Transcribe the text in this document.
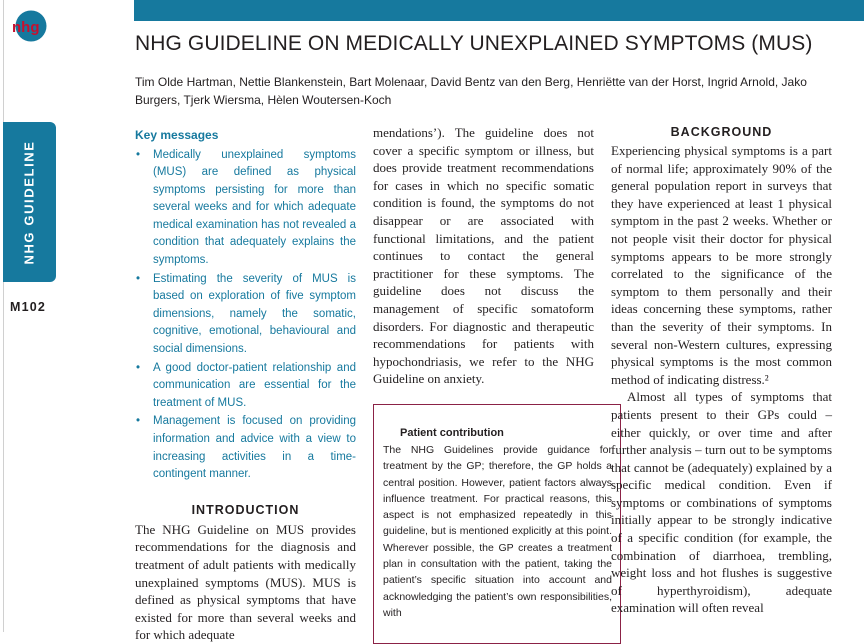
nhg
NHG GUIDELINE
M102
NHG GUIDELINE ON MEDICALLY UNEXPLAINED SYMPTOMS (MUS)
Tim Olde Hartman, Nettie Blankenstein, Bart Molenaar, David Bentz van den Berg, Henriëtte van der Horst, Ingrid Arnold, Jako Burgers, Tjerk Wiersma, Hèlen Woutersen-Koch
Key messages
• Medically unexplained symptoms (MUS) are defined as physical symptoms persisting for more than several weeks and for which adequate medical examination has not revealed a condition that adequately explains the symptoms.
• Estimating the severity of MUS is based on exploration of five symptom dimensions, namely the somatic, cognitive, emotional, behavioural and social dimensions.
• A good doctor-patient relationship and communication are essential for the treatment of MUS.
• Management is focused on providing information and advice with a view to increasing activities in a time-contingent manner.
INTRODUCTION

The NHG Guideline on MUS provides recommendations for the diagnosis and treatment of adult patients with medically unexplained symptoms (MUS). MUS is defined as physical symptoms that have existed for more than several weeks and for which adequate

mendations’). The guideline does not cover a specific symptom or illness, but does provide treatment recommendations for cases in which no specific somatic condition is found, the symptoms do not disappear or are associated with functional limitations, and the patient continues to contact the general practitioner for these symptoms. The guideline does not discuss the management of specific somatoform disorders. For diagnostic and therapeutic recommendations for patients with hypochondriasis, we refer to the NHG Guideline on anxiety.

Patient contribution

The NHG Guidelines provide guidance for treatment by the GP; therefore, the GP holds a central position. However, patient factors always influence treatment. For practical reasons, this aspect is not emphasized repeatedly in this guideline, but is mentioned explicitly at this point. Wherever possible, the GP creates a treatment plan in consultation with the patient, taking the patient’s specific situation into account and acknowledging the patient’s own responsibilities, with

BACKGROUND

Experiencing physical symptoms is a part of normal life; approximately 90% of the general population report in surveys that they have experienced at least 1 physical symptom in the past 2 weeks. Whether or not people visit their doctor for physical symptoms appears to be more strongly correlated to the significance of the symptom to them personally and their ideas concerning these symptoms, rather than the severity of their symptoms. In several non-Western cultures, expressing physical symptoms is the most common method of indicating distress.²

Almost all types of symptoms that patients present to their GPs could – either quickly, or over time and after further analysis – turn out to be symptoms that cannot be (adequately) explained by a specific medical condition. Even if symptoms or combinations of symptoms initially appear to be strongly indicative of a specific condition (for example, the combination of diarrhoea, trembling, weight loss and hot flushes is suggestive of hyperthyroidism), adequate examination will often reveal
